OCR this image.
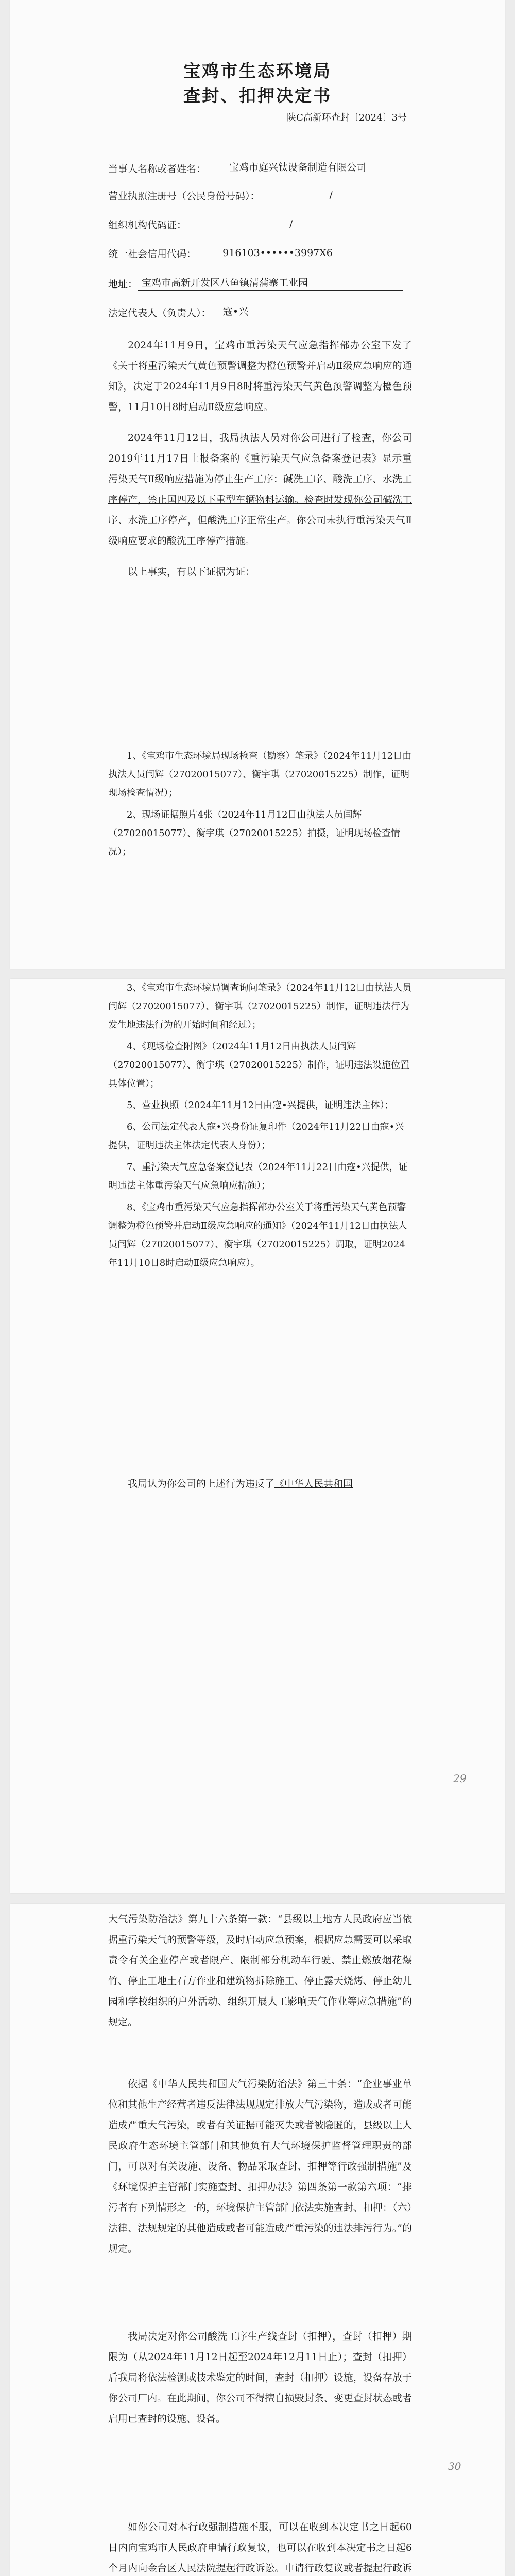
宝鸡市生态环境局
查封、扣押决定书
陕C高新环查封〔2024〕3号
当事人名称或者姓名：	宝鸡市庭兴钛设备制造有限公司
营业执照注册号（公民身份号码）：	/
组织机构代码证：	/
统一社会信用代码：	916103••••••3997X6
地址： 宝鸡市高新开发区八鱼镇清蒲寨工业园
法定代表人（负责人）：	寇•兴

2024年11月9日，宝鸡市重污染天气应急指挥部办公室下发了《关于将重污染天气黄色预警调整为橙色预警并启动Ⅱ级应急响应的通知》，决定于2024年11月9日8时将重污染天气黄色预警调整为橙色预警，11月10日8时启动Ⅱ级应急响应。

2024年11月12日，我局执法人员对你公司进行了检查，你公司2019年11月17日上报备案的《重污染天气应急备案登记表》显示重污染天气Ⅱ级响应措施为停止生产工序：碱洗工序、酸洗工序、水洗工序停产，禁止国四及以下重型车辆物料运输。检查时发现你公司碱洗工序、水洗工序停产，但酸洗工序正常生产。你公司未执行重污染天气Ⅱ级响应要求的酸洗工序停产措施。

以上事实，有以下证据为证：

1、《宝鸡市生态环境局现场检查（勘察）笔录》（2024年11月12日由执法人员闫辉（27020015077）、衡宇琪（27020015225）制作，证明现场检查情况）；

2、现场证据照片4张（2024年11月12日由执法人员闫辉（27020015077）、衡宇琪（27020015225）拍摄，证明现场检查情况）；

3、《宝鸡市生态环境局调查询问笔录》（2024年11月12日由执法人员闫辉（27020015077）、衡宇琪（27020015225）制作，证明违法行为发生地违法行为的开始时间和经过）；

4、《现场检查附图》（2024年11月12日由执法人员闫辉（27020015077）、衡宇琪（27020015225）制作，证明违法设施位置具体位置）；

5、营业执照（2024年11月12日由寇•兴提供，证明违法主体）；

6、公司法定代表人寇•兴身份证复印件（2024年11月22日由寇•兴提供，证明违法主体法定代表人身份）；

7、重污染天气应急备案登记表（2024年11月22日由寇•兴提供，证明违法主体重污染天气应急响应措施）；

8、《宝鸡市重污染天气应急指挥部办公室关于将重污染天气黄色预警调整为橙色预警并启动Ⅱ级应急响应的通知》（2024年11月12日由执法人员闫辉（27020015077）、衡宇琪（27020015225）调取，证明2024年11月10日8时启动Ⅱ级应急响应）。

我局认为你公司的上述行为违反了《中华人民共和国

29

大气污染防治法》第九十六条第一款：“县级以上地方人民政府应当依据重污染天气的预警等级，及时启动应急预案，根据应急需要可以采取责令有关企业停产或者限产、限制部分机动车行驶、禁止燃放烟花爆竹、停止工地土石方作业和建筑物拆除施工、停止露天烧烤、停止幼儿园和学校组织的户外活动、组织开展人工影响天气作业等应急措施”的规定。

依据《中华人民共和国大气污染防治法》第三十条：“企业事业单位和其他生产经营者违反法律法规规定排放大气污染物，造成或者可能造成严重大气污染，或者有关证据可能灭失或者被隐匿的，县级以上人民政府生态环境主管部门和其他负有大气环境保护监督管理职责的部门，可以对有关设施、设备、物品采取查封、扣押等行政强制措施”及《环境保护主管部门实施查封、扣押办法》第四条第一款第六项：“排污者有下列情形之一的，环境保护主管部门依法实施查封、扣押：（六）法律、法规规定的其他造成或者可能造成严重污染的违法排污行为。”的规定。

我局决定对你公司酸洗工序生产线查封（扣押），查封（扣押）期限为（从2024年11月12日起至2024年12月11日止）；查封（扣押）后我局将依法检测或技术鉴定的时间，查封（扣押）设施，设备存放于你公司厂内。在此期间，你公司不得擅自损毁封条、变更查封状态或者启用已查封的设施、设备。

30

如你公司对本行政强制措施不服，可以在收到本决定书之日起60日内向宝鸡市人民政府申请行政复议，也可以在收到本决定书之日起6个月内向金台区人民法院提起行政诉讼。申请行政复议或者提起行政诉
